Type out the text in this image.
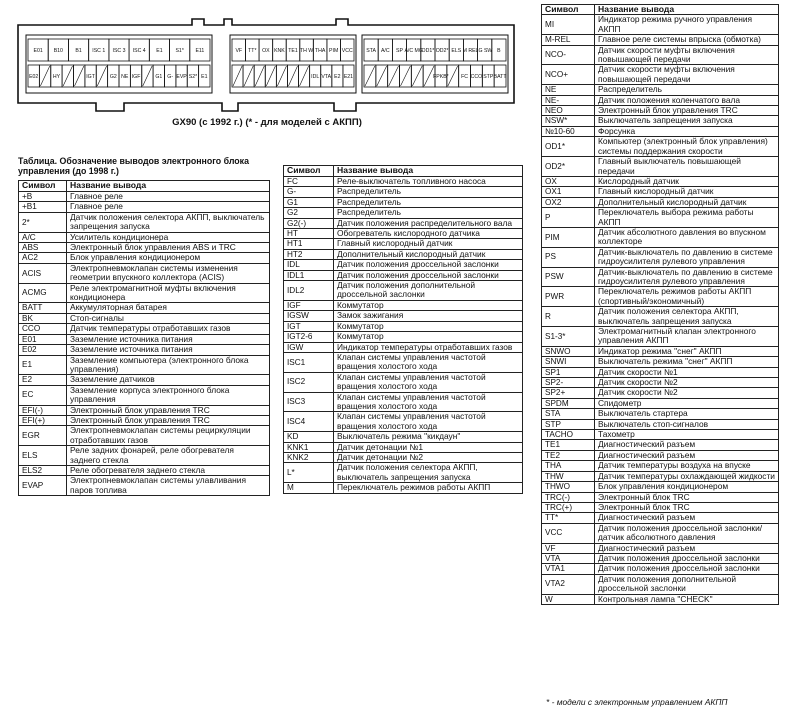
E01 B10 B1 ISC 1 ISC 3 ISC 4 E1 S1* E11
E02	HY	IGT	G2 NE IGF	G1 G- EVP S2* E1
VF TT* OX KNK TE1 TH W THA PIM VCC
IDL VTA E2 E21
STA A/C SP A/C MG
OD1* OD2* ELS M REL
IG SW B
FPKB* FC CCO STP BATT
GX90 (с 1992 г.) (* - для моделей с АКПП)
Таблица. Обозначение выводов электронного блока управления (до 1998 г.)
Символ	Название вывода
+B	Главное реле
+B1	Главное реле
2*	Датчик положения селектора АКПП, выключатель запрещения запуска
A/C	Усилитель кондиционера
ABS	Электронный блок управления ABS и TRC
AC2	Блок управления кондиционером
ACIS	Электропневмоклапан системы изменения геометрии впускного коллектора (ACIS)
ACMG	Реле электромагнитной муфты включения кондиционера
BATT	Аккумуляторная батарея
BK	Стоп-сигналы
CCO	Датчик температуры отработавших газов
E01	Заземление источника питания
E02	Заземление источника питания
E1	Заземление компьютера (электронного блока управления)
E2	Заземление датчиков
EC	Заземление корпуса электронного блока управления
EFI(-)	Электронный блок управления TRC
EFI(+)	Электронный блок управления TRC
EGR	Электропневмоклапан системы рециркуляции отработавших газов
ELS	Реле задних фонарей, реле обогревателя заднего стекла
ELS2	Реле обогревателя заднего стекла
EVAP	Электропневмоклапан системы улавливания паров топлива
Символ	Название вывода
FC	Реле-выключатель топливного насоса
G-	Распределитель
G1	Распределитель
G2	Распределитель
G2(-)	Датчик положения распределительного вала
HT	Обогреватель кислородного датчика
HT1	Главный кислородный датчик
HT2	Дополнительный кислородный датчик
IDL	Датчик положения дроссельной заслонки
IDL1	Датчик положения дроссельной заслонки
IDL2	Датчик положения дополнительной дроссельной заслонки
IGF	Коммутатор
IGSW	Замок зажигания
IGT	Коммутатор
IGT2-6	Коммутатор
IGW	Индикатор температуры отработавших газов
ISC1	Клапан системы управления частотой вращения холостого хода
ISC2	Клапан системы управления частотой вращения холостого хода
ISC3	Клапан системы управления частотой вращения холостого хода
ISC4	Клапан системы управления частотой вращения холостого хода
KD	Выключатель режима "кикдаун"
KNK1	Датчик детонации №1
KNK2	Датчик детонации №2
L*	Датчик положения селектора АКПП, выключатель запрещения запуска
M	Переключатель режимов работы АКПП
Символ	Название вывода
MI	Индикатор режима ручного управления АКПП
M-REL	Главное реле системы впрыска (обмотка)
NCO-	Датчик скорости муфты включения повышающей передачи
NCO+	Датчик скорости муфты включения повышающей передачи
NE	Распределитель
NE-	Датчик положения коленчатого вала
NEO	Электронный блок управления TRC
NSW*	Выключатель запрещения запуска
№10-60	Форсунка
OD1*	Компьютер (электронный блок управления) системы поддержания скорости
OD2*	Главный выключатель повышающей передачи
OX	Кислородный датчик
OX1	Главный кислородный датчик
OX2	Дополнительный кислородный датчик
P	Переключатель выбора режима работы АКПП
PIM	Датчик абсолютного давления во впускном коллекторе
PS	Датчик-выключатель по давлению в системе гидроусилителя рулевого управления
PSW	Датчик-выключатель по давлению в системе гидроусилителя рулевого управления
PWR	Переключатель режимов работы АКПП (спортивный/экономичный)
R	Датчик положения селектора АКПП, выключатель запрещения запуска
S1-3*	Электромагнитный клапан электронного управления АКПП
SNWO	Индикатор режима "снег" АКПП
SNWI	Выключатель режима "снег" АКПП
SP1	Датчик скорости №1
SP2-	Датчик скорости №2
SP2+	Датчик скорости №2
SPDM	Спидометр
STA	Выключатель стартера
STP	Выключатель стоп-сигналов
TACHO	Тахометр
TE1	Диагностический разъем
TE2	Диагностический разъем
THA	Датчик температуры воздуха на впуске
THW	Датчик температуры охлаждающей жидкости
THWO	Блок управления кондиционером
TRC(-)	Электронный блок TRC
TRC(+)	Электронный блок TRC
TT*	Диагностический разъем
VCC	Датчик положения дроссельной заслонки/ датчик абсолютного давления
VF	Диагностический разъем
VTA	Датчик положения дроссельной заслонки
VTA1	Датчик положения дроссельной заслонки
VTA2	Датчик положения дополнительной дроссельной заслонки
W	Контрольная лампа "CHECK"
* - модели с электронным управлением АКПП
